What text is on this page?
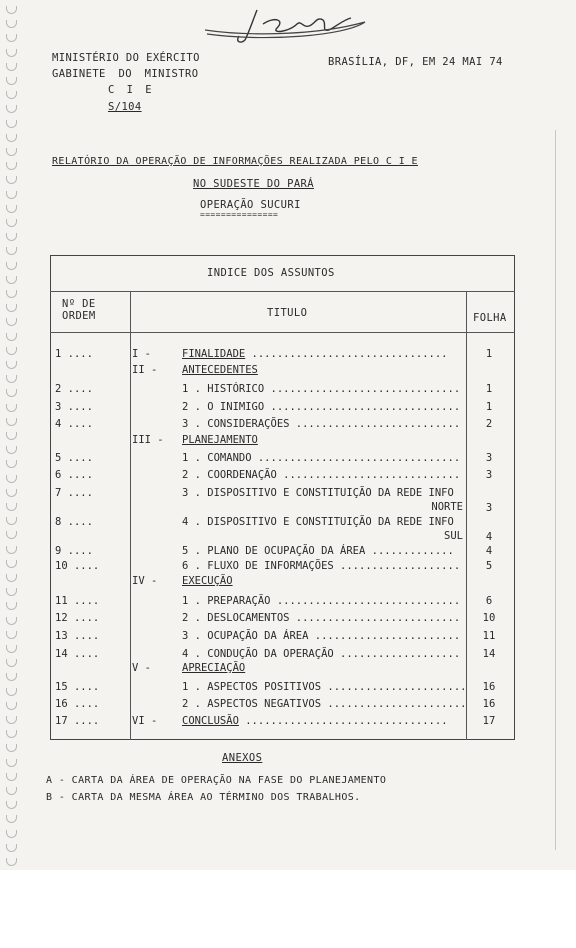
MINISTÉRIO DO EXÉRCITO
GABINETE DO MINISTRO
C I E
S/104
BRASÍLIA, DF, EM 24 MAI 74
RELATÓRIO DA OPERAÇÃO DE INFORMAÇÕES REALIZADA PELO C I E
NO SUDESTE DO PARÁ
OPERAÇÃO SUCURI
===============
INDICE DOS ASSUNTOS
Nº DE
ORDEM	TITULO	FOLHA
1 ....	I -	FINALIDADE ...............................	1
II -	ANTECEDENTES
2 ....	1 . HISTÓRICO ..............................	1
3 ....	2 . O INIMIGO ..............................	1
4 ....	3 . CONSIDERAÇÕES ..........................	2
III -	PLANEJAMENTO
5 ....	1 . COMANDO ................................	3
6 ....	2 . COORDENAÇÃO ............................	3
7 ....	3 . DISPOSITIVO E CONSTITUIÇÃO DA REDE INFO
NORTE	3
8 ....	4 . DISPOSITIVO E CONSTITUIÇÃO DA REDE INFO
SUL	4
9 ....	5 . PLANO DE OCUPAÇÃO DA ÁREA .............	4
10 ....	6 . FLUXO DE INFORMAÇÕES ...................	5
IV -	EXECUÇÃO
11 ....	1 . PREPARAÇÃO .............................	6
12 ....	2 . DESLOCAMENTOS ..........................	10
13 ....	3 . OCUPAÇÃO DA ÁREA .......................	11
14 ....	4 . CONDUÇÃO DA OPERAÇÃO ...................	14
V -	APRECIAÇÃO
15 ....	1 . ASPECTOS POSITIVOS ......................	16
16 ....	2 . ASPECTOS NEGATIVOS ......................	16
17 ....	VI -	CONCLUSÃO ................................	17
ANEXOS
A - CARTA DA ÁREA DE OPERAÇÃO NA FASE DO PLANEJAMENTO
B - CARTA DA MESMA ÁREA AO TÉRMINO DOS TRABALHOS.
